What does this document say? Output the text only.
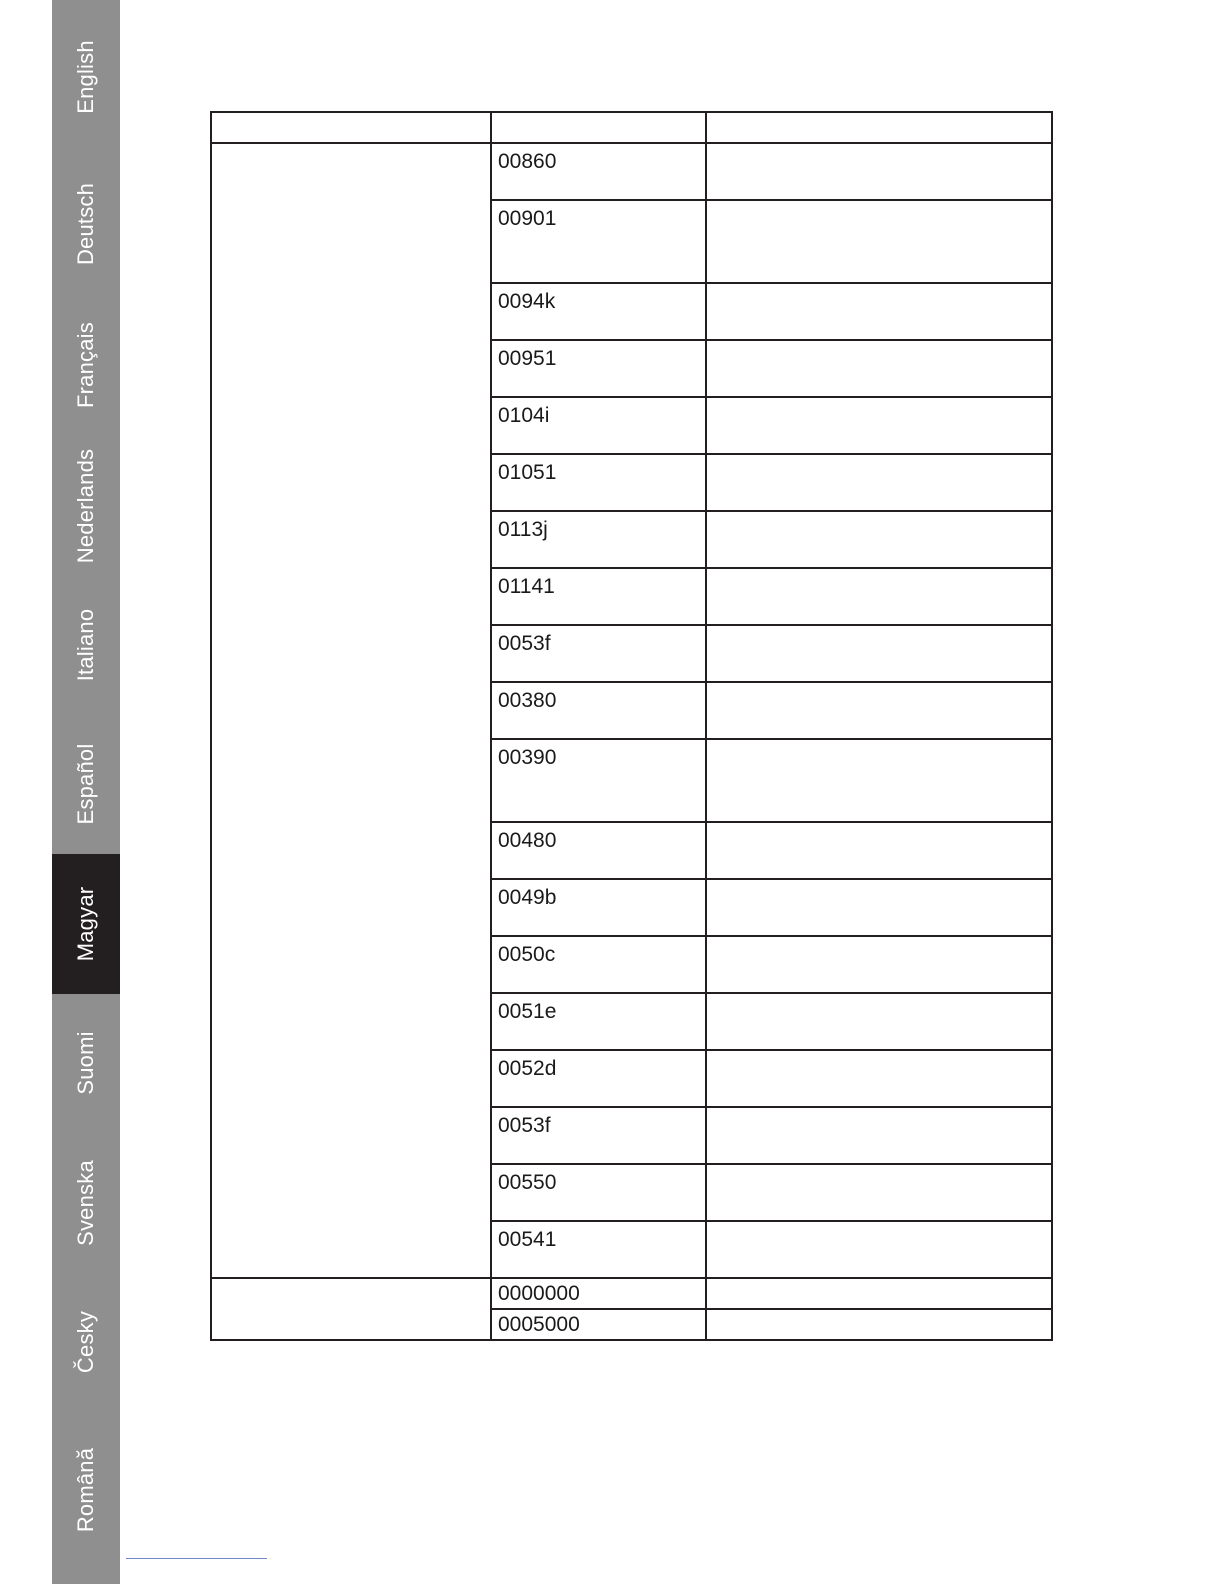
English
Deutsch
Français
Nederlands
Italiano
Español
Magyar
Suomi
Svenska
Česky
Română

	00860	

	00901	

	0094k	

	00951	

	0104i	

	01051	

	0113j	

	01141	

	0053f	

	00380	

	00390	

	00480	

	0049b	

	0050c	

	0051e	

	0052d	

	0053f	

	00550	

	00541	

	0000000	

	0005000	
